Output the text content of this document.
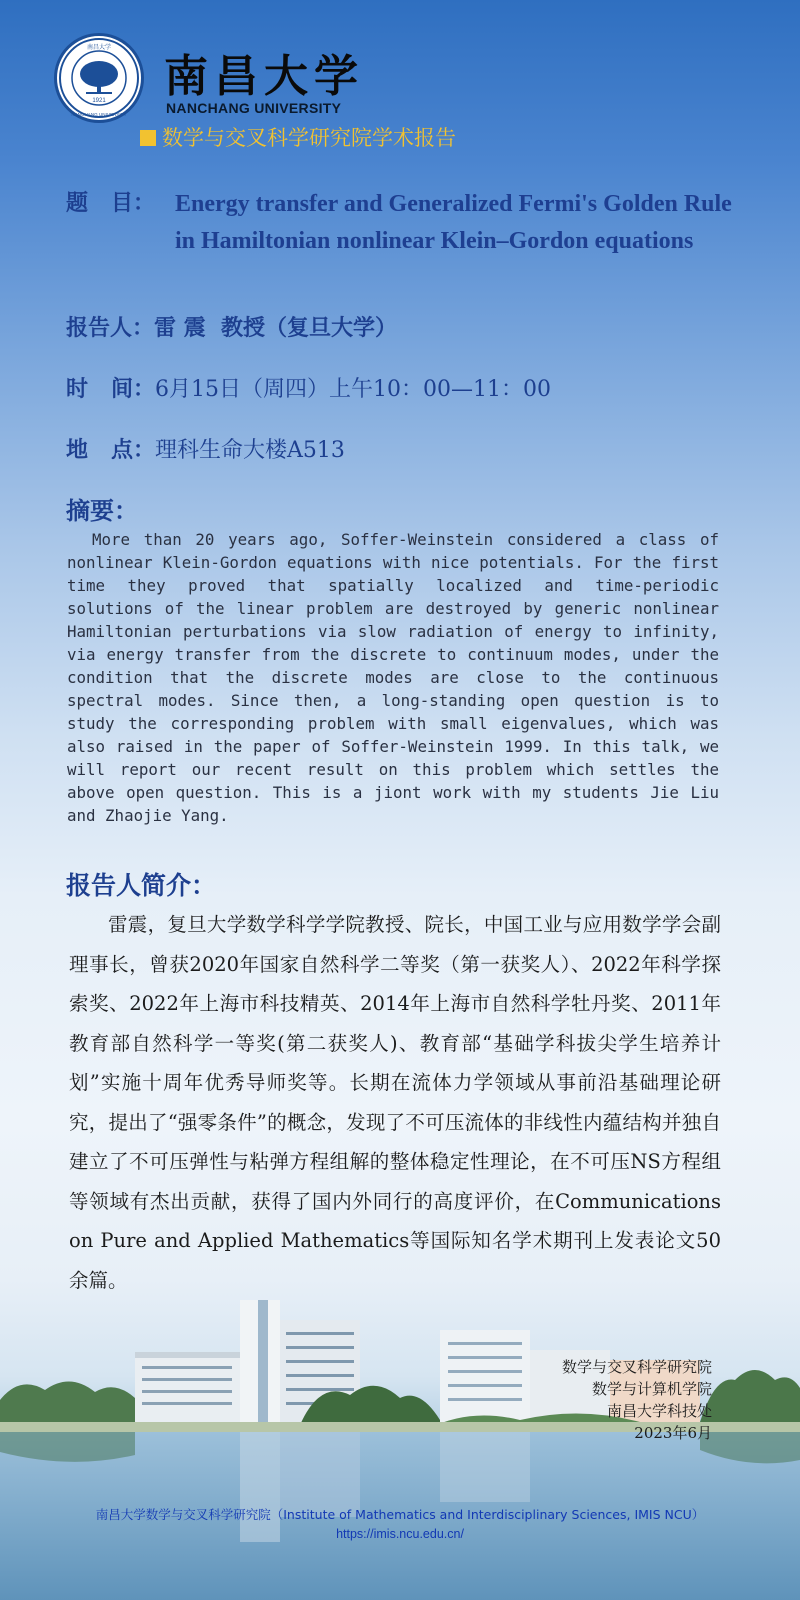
1921
南昌大学
NANCHANG UNIVERSITY
南昌大学
NANCHANG UNIVERSITY
数学与交叉科学研究院学术报告
题   目： Energy transfer and Generalized Fermi's Golden Rule in Hamiltonian nonlinear Klein–Gordon equations
报告人：雷 震  教授（复旦大学）
时   间：6月15日（周四）上午10：00—11：00
地   点：理科生命大楼A513
摘要：

More than 20 years ago, Soffer-Weinstein considered a class of nonlinear Klein-Gordon equations with nice potentials. For the first time they proved that spatially localized and time-periodic solutions of the linear problem are destroyed by generic nonlinear Hamiltonian perturbations via slow radiation of energy to infinity, via energy transfer from the discrete to continuum modes, under the condition that the discrete modes are close to the continuous spectral modes. Since then, a long-standing open question is to study the corresponding problem with small eigenvalues, which was also raised in the paper of Soffer-Weinstein 1999. In this talk, we will report our recent result on this problem which settles the above open question. This is a jiont work with my students Jie Liu and Zhaojie Yang.

报告人简介：

雷震，复旦大学数学科学学院教授、院长，中国工业与应用数学学会副理事长，曾获2020年国家自然科学二等奖（第一获奖人）、2022年科学探索奖、2022年上海市科技精英、2014年上海市自然科学牡丹奖、2011年教育部自然科学一等奖(第二获奖人)、教育部“基础学科拔尖学生培养计划”实施十周年优秀导师奖等。长期在流体力学领域从事前沿基础理论研究，提出了“强零条件”的概念，发现了不可压流体的非线性内蕴结构并独自建立了不可压弹性与粘弹方程组解的整体稳定性理论，在不可压NS方程组等领域有杰出贡献，获得了国内外同行的高度评价，在Communications on Pure and Applied Mathematics等国际知名学术期刊上发表论文50余篇。

数学与交叉科学研究院
数学与计算机学院
南昌大学科技处
2023年6月
南昌大学数学与交叉科学研究院（Institute of Mathematics and Interdisciplinary Sciences, IMIS NCU）
https://imis.ncu.edu.cn/
